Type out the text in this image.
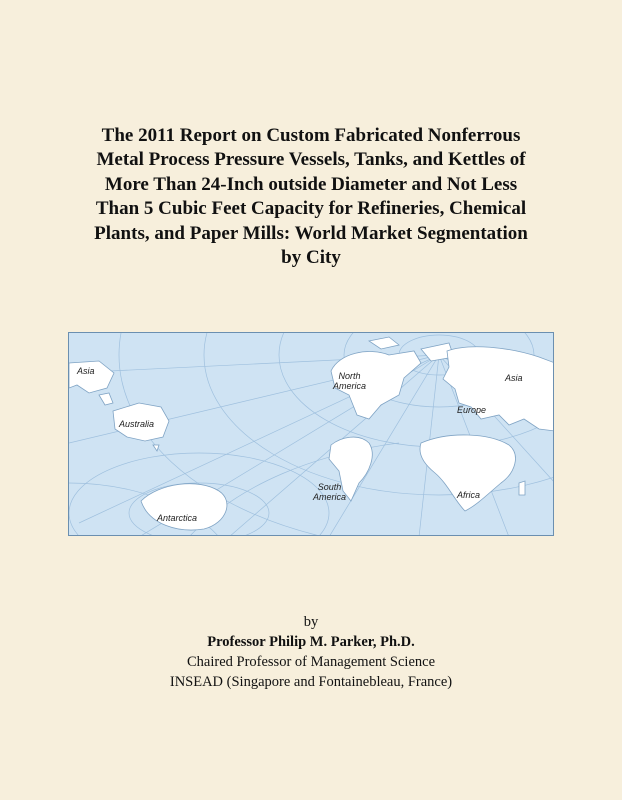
The 2011 Report on Custom Fabricated Nonferrous
Metal Process Pressure Vessels, Tanks, and Kettles of
More Than 24-Inch outside Diameter and Not Less
Than 5 Cubic Feet Capacity for Refineries, Chemical
Plants, and Paper Mills: World Market Segmentation
by City
Asia	North
America
Asia
Australia
Europe
South
America	Africa
Antarctica
by
Professor Philip M. Parker, Ph.D.
Chaired Professor of Management Science
INSEAD (Singapore and Fontainebleau, France)
